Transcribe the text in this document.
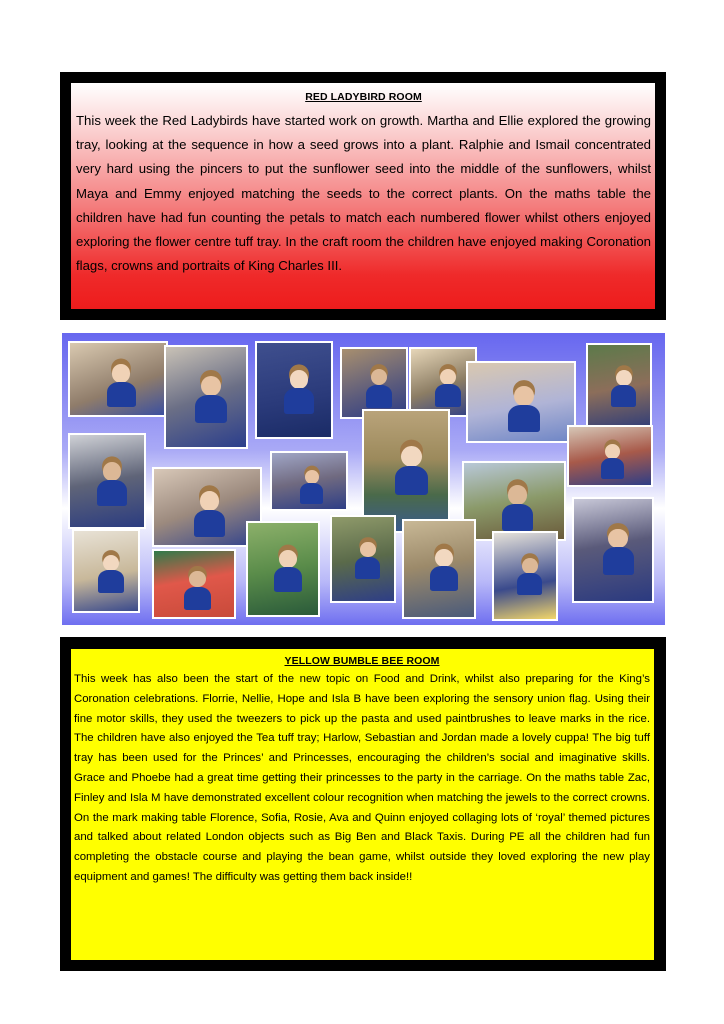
RED LADYBIRD ROOM

This week the Red Ladybirds have started work on growth. Martha and Ellie explored the growing tray, looking at the sequence in how a seed grows into a plant. Ralphie and Ismail concentrated very hard using the pincers to put the sunflower seed into the middle of the sunflowers, whilst Maya and Emmy enjoyed matching the seeds to the correct plants. On the maths table the children have had fun counting the petals to match each numbered flower whilst others enjoyed exploring the flower centre tuff tray. In the craft room the children have enjoyed making Coronation flags, crowns and portraits of King Charles III.

YELLOW BUMBLE BEE ROOM

This week has also been the start of the new topic on Food and Drink, whilst also preparing for the King’s Coronation celebrations. Florrie, Nellie, Hope and Isla B have been exploring the sensory union flag. Using their fine motor skills, they used the tweezers to pick up the pasta and used paintbrushes to leave marks in the rice. The children have also enjoyed the Tea tuff tray; Harlow, Sebastian and Jordan made a lovely cuppa! The big tuff tray has been used for the Princes’ and Princesses, encouraging the children’s social and imaginative skills. Grace and Phoebe had a great time getting their princesses to the party in the carriage. On the maths table Zac, Finley and Isla M have demonstrated excellent colour recognition when matching the jewels to the correct crowns. On the mark making table Florence, Sofia, Rosie, Ava and Quinn enjoyed collaging lots of ‘royal’ themed pictures and talked about related London objects such as Big Ben and Black Taxis. During PE all the children had fun completing the obstacle course and playing the bean game, whilst outside they loved exploring the new play equipment and games! The difficulty was getting them back inside!!
